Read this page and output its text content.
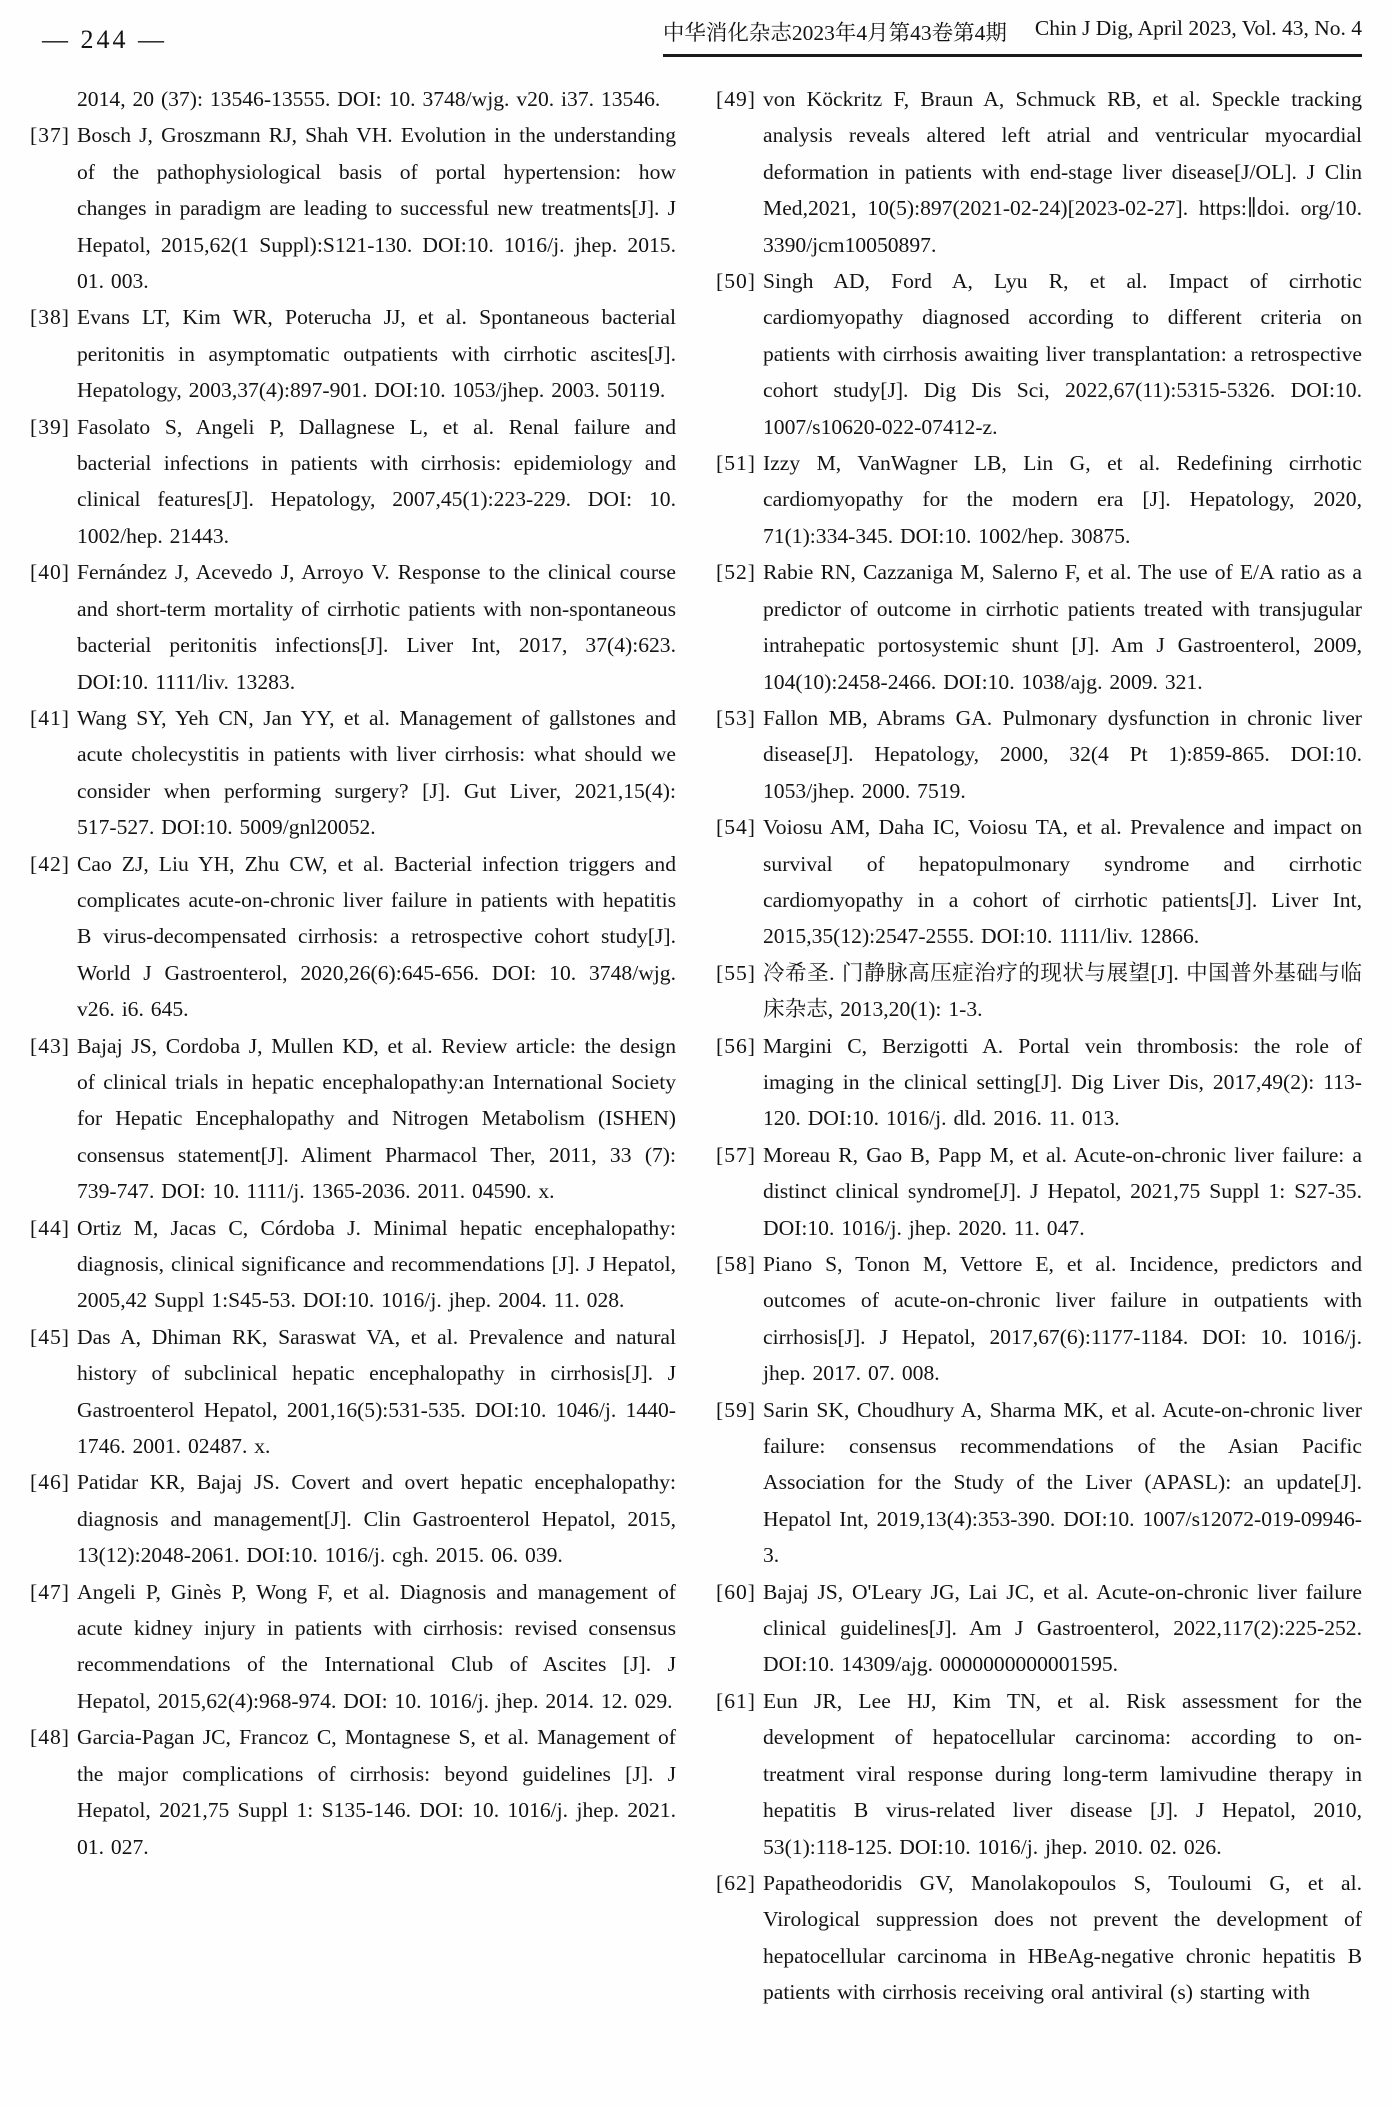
— 244 —	中华消化杂志2023年4月第43卷第4期 Chin J Dig, April 2023, Vol. 43, No. 4
2014, 20 (37): 13546-13555. DOI: 10. 3748/wjg. v20. i37. 13546.
[37] Bosch J, Groszmann RJ, Shah VH. Evolution in the understanding of the pathophysiological basis of portal hypertension: how changes in paradigm are leading to successful new treatments[J]. J Hepatol, 2015,62(1 Suppl):S121-130. DOI:10. 1016/j. jhep. 2015. 01. 003.
[38] Evans LT, Kim WR, Poterucha JJ, et al. Spontaneous bacterial peritonitis in asymptomatic outpatients with cirrhotic ascites[J]. Hepatology, 2003,37(4):897-901. DOI:10. 1053/jhep. 2003. 50119.
[39] Fasolato S, Angeli P, Dallagnese L, et al. Renal failure and bacterial infections in patients with cirrhosis: epidemiology and clinical features[J]. Hepatology, 2007,45(1):223-229. DOI: 10. 1002/hep. 21443.
[40] Fernández J, Acevedo J, Arroyo V. Response to the clinical course and short-term mortality of cirrhotic patients with non-spontaneous bacterial peritonitis infections[J]. Liver Int, 2017, 37(4):623. DOI:10. 1111/liv. 13283.
[41] Wang SY, Yeh CN, Jan YY, et al. Management of gallstones and acute cholecystitis in patients with liver cirrhosis: what should we consider when performing surgery? [J]. Gut Liver, 2021,15(4): 517-527. DOI:10. 5009/gnl20052.
[42] Cao ZJ, Liu YH, Zhu CW, et al. Bacterial infection triggers and complicates acute-on-chronic liver failure in patients with hepatitis B virus-decompensated cirrhosis: a retrospective cohort study[J]. World J Gastroenterol, 2020,26(6):645-656. DOI: 10. 3748/wjg. v26. i6. 645.
[43] Bajaj JS, Cordoba J, Mullen KD, et al. Review article: the design of clinical trials in hepatic encephalopathy:an International Society for Hepatic Encephalopathy and Nitrogen Metabolism (ISHEN) consensus statement[J]. Aliment Pharmacol Ther, 2011, 33 (7): 739-747. DOI: 10. 1111/j. 1365-2036. 2011. 04590. x.
[44] Ortiz M, Jacas C, Córdoba J. Minimal hepatic encephalopathy: diagnosis, clinical significance and recommendations [J]. J Hepatol, 2005,42 Suppl 1:S45-53. DOI:10. 1016/j. jhep. 2004. 11. 028.
[45] Das A, Dhiman RK, Saraswat VA, et al. Prevalence and natural history of subclinical hepatic encephalopathy in cirrhosis[J]. J Gastroenterol Hepatol, 2001,16(5):531-535. DOI:10. 1046/j. 1440-1746. 2001. 02487. x.
[46] Patidar KR, Bajaj JS. Covert and overt hepatic encephalopathy: diagnosis and management[J]. Clin Gastroenterol Hepatol, 2015, 13(12):2048-2061. DOI:10. 1016/j. cgh. 2015. 06. 039.
[47] Angeli P, Ginès P, Wong F, et al. Diagnosis and management of acute kidney injury in patients with cirrhosis: revised consensus recommendations of the International Club of Ascites [J]. J Hepatol, 2015,62(4):968-974. DOI: 10. 1016/j. jhep. 2014. 12. 029.
[48] Garcia-Pagan JC, Francoz C, Montagnese S, et al. Management of the major complications of cirrhosis: beyond guidelines [J]. J Hepatol, 2021,75 Suppl 1: S135-146. DOI: 10. 1016/j. jhep. 2021. 01. 027.
[49] von Köckritz F, Braun A, Schmuck RB, et al. Speckle tracking analysis reveals altered left atrial and ventricular myocardial deformation in patients with end-stage liver disease[J/OL]. J Clin Med,2021, 10(5):897(2021-02-24)[2023-02-27]. https:∥doi. org/10. 3390/jcm10050897.
[50] Singh AD, Ford A, Lyu R, et al. Impact of cirrhotic cardiomyopathy diagnosed according to different criteria on patients with cirrhosis awaiting liver transplantation: a retrospective cohort study[J]. Dig Dis Sci, 2022,67(11):5315-5326. DOI:10. 1007/s10620-022-07412-z.
[51] Izzy M, VanWagner LB, Lin G, et al. Redefining cirrhotic cardiomyopathy for the modern era [J]. Hepatology, 2020, 71(1):334-345. DOI:10. 1002/hep. 30875.
[52] Rabie RN, Cazzaniga M, Salerno F, et al. The use of E/A ratio as a predictor of outcome in cirrhotic patients treated with transjugular intrahepatic portosystemic shunt [J]. Am J Gastroenterol, 2009, 104(10):2458-2466. DOI:10. 1038/ajg. 2009. 321.
[53] Fallon MB, Abrams GA. Pulmonary dysfunction in chronic liver disease[J]. Hepatology, 2000, 32(4 Pt 1):859-865. DOI:10. 1053/jhep. 2000. 7519.
[54] Voiosu AM, Daha IC, Voiosu TA, et al. Prevalence and impact on survival of hepatopulmonary syndrome and cirrhotic cardiomyopathy in a cohort of cirrhotic patients[J]. Liver Int, 2015,35(12):2547-2555. DOI:10. 1111/liv. 12866.
[55] 冷希圣. 门静脉高压症治疗的现状与展望[J]. 中国普外基础与临床杂志, 2013,20(1): 1-3.
[56] Margini C, Berzigotti A. Portal vein thrombosis: the role of imaging in the clinical setting[J]. Dig Liver Dis, 2017,49(2): 113-120. DOI:10. 1016/j. dld. 2016. 11. 013.
[57] Moreau R, Gao B, Papp M, et al. Acute-on-chronic liver failure: a distinct clinical syndrome[J]. J Hepatol, 2021,75 Suppl 1: S27-35. DOI:10. 1016/j. jhep. 2020. 11. 047.
[58] Piano S, Tonon M, Vettore E, et al. Incidence, predictors and outcomes of acute-on-chronic liver failure in outpatients with cirrhosis[J]. J Hepatol, 2017,67(6):1177-1184. DOI: 10. 1016/j. jhep. 2017. 07. 008.
[59] Sarin SK, Choudhury A, Sharma MK, et al. Acute-on-chronic liver failure: consensus recommendations of the Asian Pacific Association for the Study of the Liver (APASL): an update[J]. Hepatol Int, 2019,13(4):353-390. DOI:10. 1007/s12072-019-09946-3.
[60] Bajaj JS, O'Leary JG, Lai JC, et al. Acute-on-chronic liver failure clinical guidelines[J]. Am J Gastroenterol, 2022,117(2):225-252. DOI:10. 14309/ajg. 0000000000001595.
[61] Eun JR, Lee HJ, Kim TN, et al. Risk assessment for the development of hepatocellular carcinoma: according to on-treatment viral response during long-term lamivudine therapy in hepatitis B virus-related liver disease [J]. J Hepatol, 2010, 53(1):118-125. DOI:10. 1016/j. jhep. 2010. 02. 026.
[62] Papatheodoridis GV, Manolakopoulos S, Touloumi G, et al. Virological suppression does not prevent the development of hepatocellular carcinoma in HBeAg-negative chronic hepatitis B patients with cirrhosis receiving oral antiviral (s) starting with
